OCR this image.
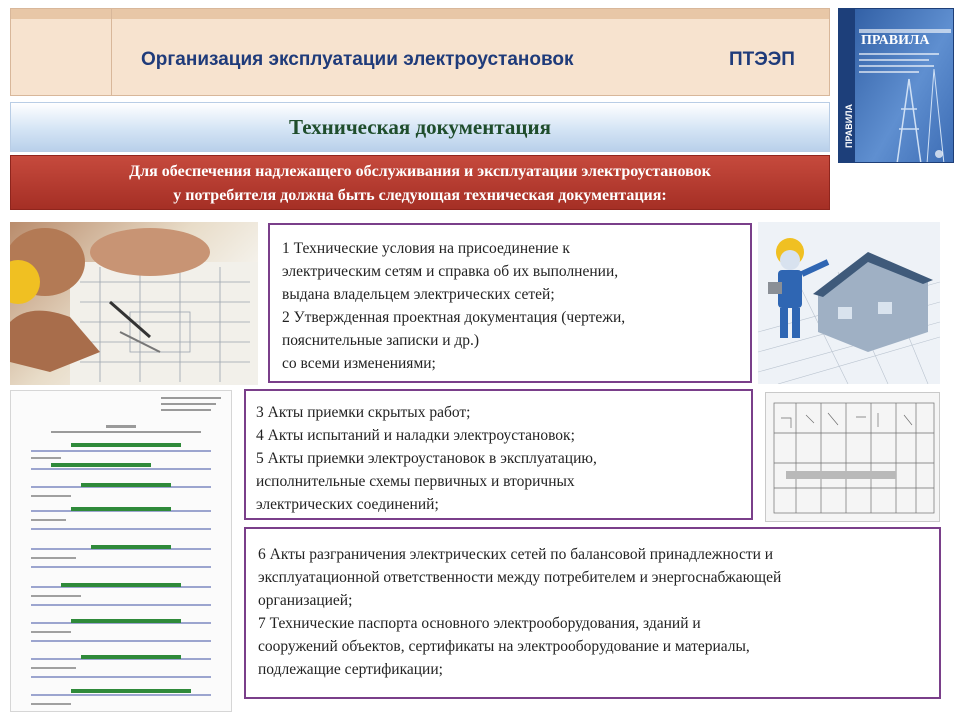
Организация эксплуатации электроустановок	ПТЭЭП
ПРАВИЛА
ПРАВИЛА
Техническая документация

Для обеспечения надлежащего обслуживания и эксплуатации электроустановок

у потребителя должна быть следующая техническая документация:

1 Технические условия на присоединение к

электрическим сетям и справка об их выполнении,

выдана владельцем электрических сетей;

2 Утвержденная проектная документация (чертежи,

пояснительные записки и др.)

со всеми изменениями;

3 Акты приемки скрытых работ;

4 Акты испытаний и наладки электроустановок;

5 Акты приемки электроустановок в эксплуатацию,

исполнительные схемы первичных и вторичных

электрических соединений;

6 Акты разграничения электрических сетей по балансовой принадлежности и

эксплуатационной ответственности между потребителем и энергоснабжающей

организацией;

7 Технические паспорта основного электрооборудования, зданий и

сооружений объектов, сертификаты на электрооборудование и материалы,

подлежащие сертификации;
